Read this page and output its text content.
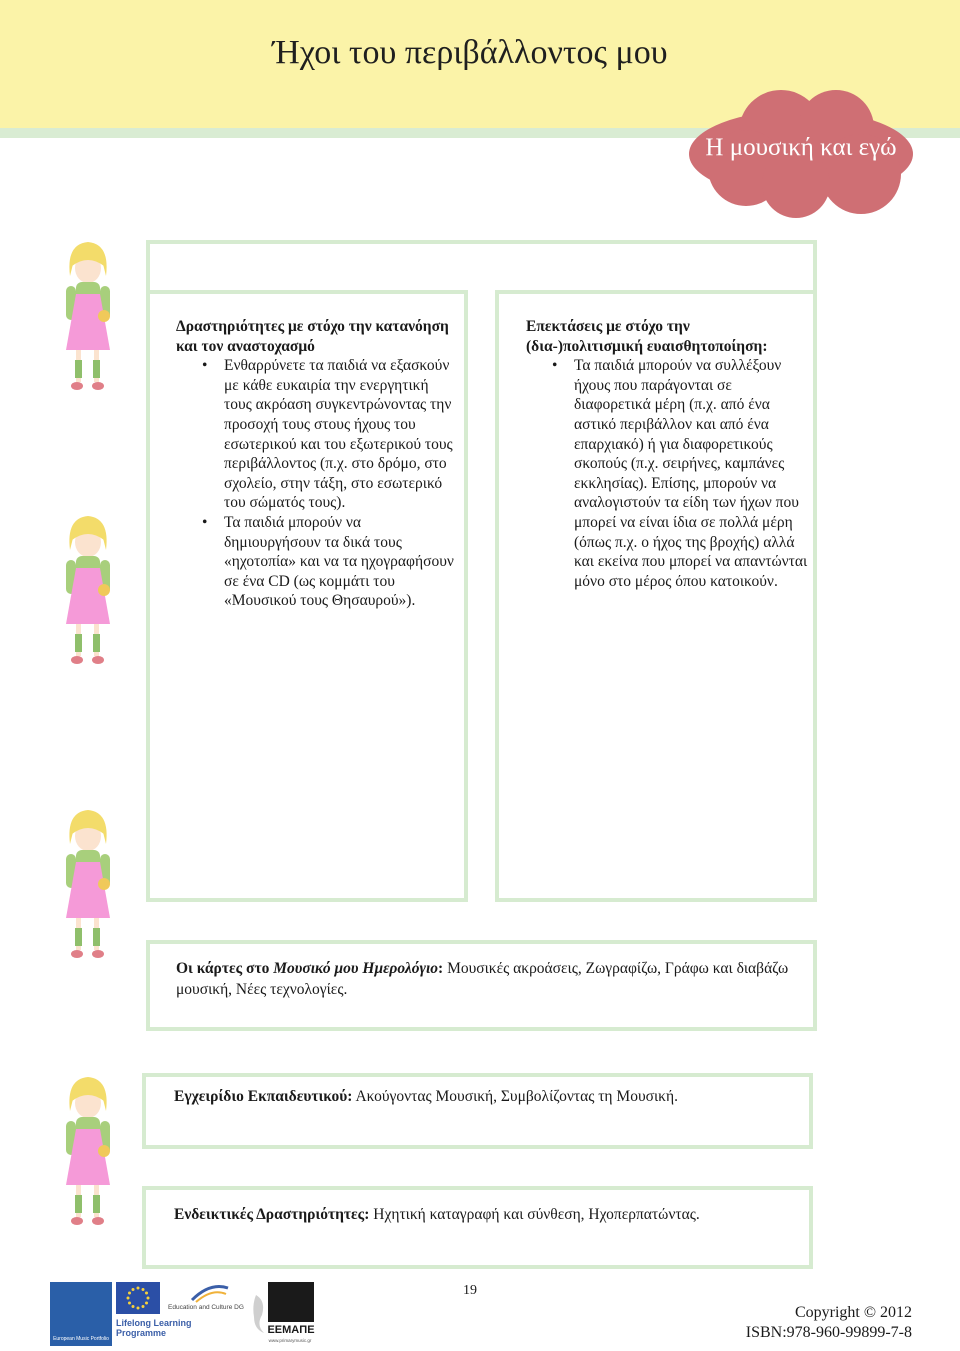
Ήχοι του περιβάλλοντος μου
Η μουσική και εγώ
Δραστηριότητες με στόχο την κατανόηση και τον αναστοχασμό
• Ενθαρρύνετε τα παιδιά να εξασκούν με κάθε ευκαιρία την ενεργητική τους ακρόαση συγκεντρώνοντας την προσοχή τους στους ήχους του εσωτερικού και του εξωτερικού τους περιβάλλοντος (π.χ. στο δρόμο, στο σχολείο, στην τάξη, στο εσωτερικό του σώματός τους).
• Τα παιδιά μπορούν να δημιουργήσουν τα δικά τους «ηχοτοπία» και να τα ηχογραφήσουν σε ένα CD (ως κομμάτι του «Μουσικού τους Θησαυρού»).
Επεκτάσεις με στόχο την (δια-)πολιτισμική ευαισθητοποίηση:
• Τα παιδιά μπορούν να συλλέξουν ήχους που παράγονται σε διαφορετικά μέρη (π.χ. από ένα αστικό περιβάλλον και από ένα επαρχιακό) ή για διαφορετικούς σκοπούς (π.χ. σειρήνες, καμπάνες εκκλησίας). Επίσης, μπορούν να αναλογιστούν τα είδη των ήχων που μπορεί να είναι ίδια σε πολλά μέρη (όπως π.χ. ο ήχος της βροχής) αλλά και εκείνα που μπορεί να απαντώνται μόνο στο μέρος όπου κατοικούν.
Οι κάρτες στο Μουσικό μου Ημερολόγιο: Μουσικές ακροάσεις, Ζωγραφίζω, Γράφω και διαβάζω μουσική, Νέες τεχνολογίες.
Εγχειρίδιο Εκπαιδευτικού: Ακούγοντας Μουσική, Συμβολίζοντας τη Μουσική.
Ενδεικτικές Δραστηριότητες: Ηχητική καταγραφή και σύνθεση, Ηχοπερπατώντας.
European Music Portfolio
Lifelong Learning Programme
Education and Culture DG
ΕΕΜΑΠΕ
www.primarymusic.gr
19
Copyright © 2012
ISBN:978-960-99899-7-8
